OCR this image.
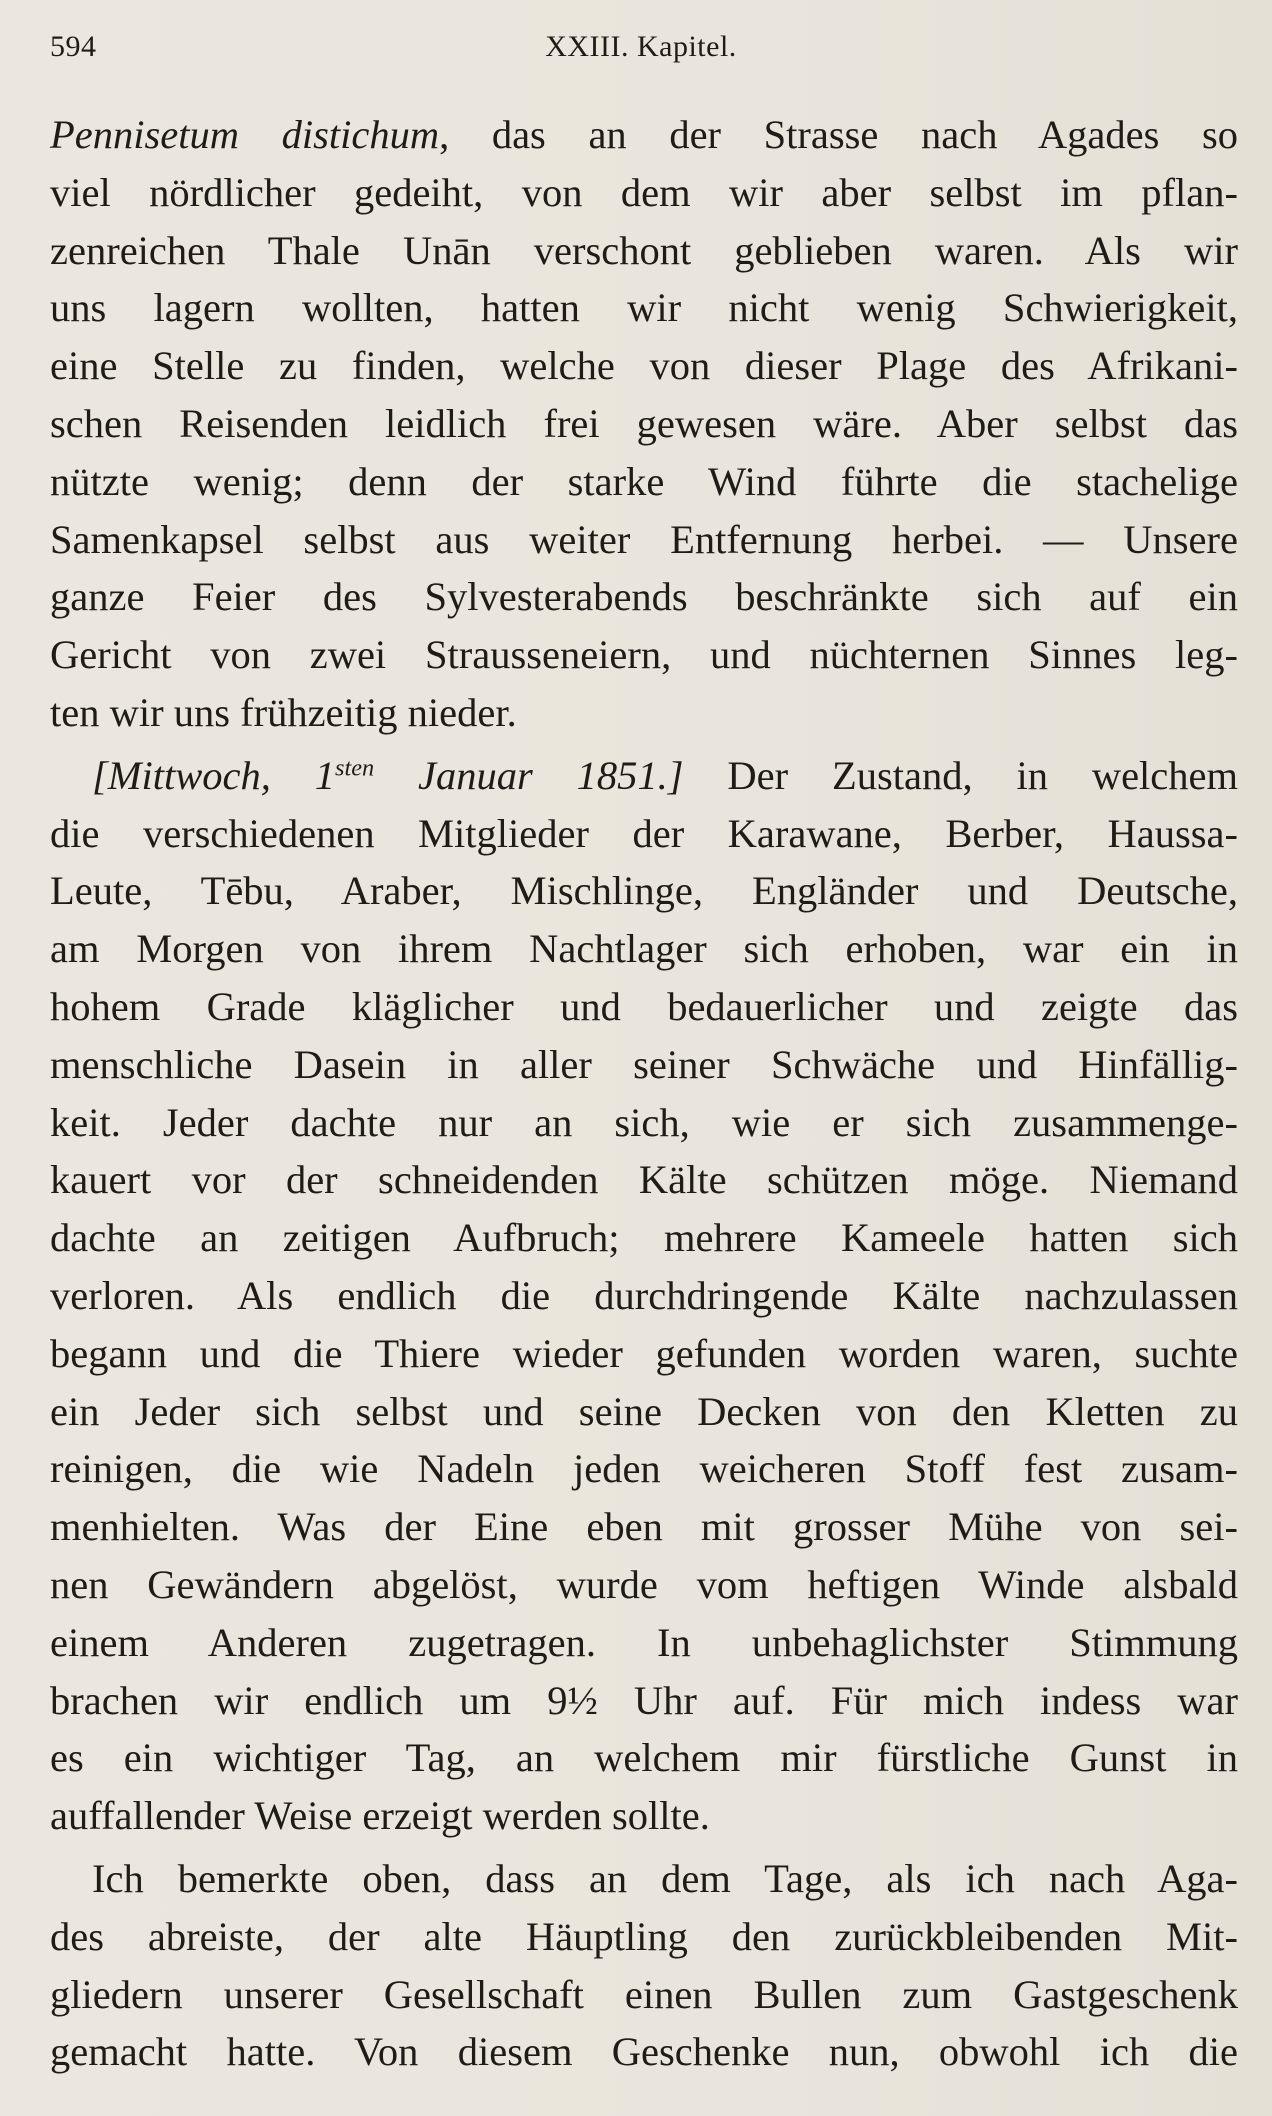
594	XXIII. Kapitel.
Pennisetum distichum, das an der Strasse nach Agades so
viel nördlicher gedeiht, von dem wir aber selbst im pflan-
zenreichen Thale Unān verschont geblieben waren. Als wir
uns lagern wollten, hatten wir nicht wenig Schwierigkeit,
eine Stelle zu finden, welche von dieser Plage des Afrikani-
schen Reisenden leidlich frei gewesen wäre. Aber selbst das
nützte wenig; denn der starke Wind führte die stachelige
Samenkapsel selbst aus weiter Entfernung herbei. — Unsere
ganze Feier des Sylvesterabends beschränkte sich auf ein
Gericht von zwei Straussenеiern, und nüchternen Sinnes leg-
ten wir uns frühzeitig nieder.
[Mittwoch, $1^{sten}$ Januar 1851.] Der Zustand, in welchem
die verschiedenen Mitglieder der Karawane, Berber, Haussa-
Leute, Tēbu, Araber, Mischlinge, Engländer und Deutsche,
am Morgen von ihrem Nachtlager sich erhoben, war ein in
hohem Grade kläglicher und bedauerlicher und zeigte das
menschliche Dasein in aller seiner Schwäche und Hinfällig-
keit. Jeder dachte nur an sich, wie er sich zusammenge-
kauert vor der schneidenden Kälte schützen möge. Niemand
dachte an zeitigen Aufbruch; mehrere Kameele hatten sich
verloren. Als endlich die durchdringende Kälte nachzulassen
begann und die Thiere wieder gefunden worden waren, suchte
ein Jeder sich selbst und seine Decken von den Kletten zu
reinigen, die wie Nadeln jeden weicheren Stoff fest zusam-
menhielten. Was der Eine eben mit grosser Mühe von sei-
nen Gewändern abgelöst, wurde vom heftigen Winde alsbald
einem Anderen zugetragen. In unbehaglichster Stimmung
brachen wir endlich um 9½ Uhr auf. Für mich indess war
es ein wichtiger Tag, an welchem mir fürstliche Gunst in
auffallender Weise erzeigt werden sollte.
Ich bemerkte oben, dass an dem Tage, als ich nach Aga-
des abreiste, der alte Häuptling den zurückbleibenden Mit-
gliedern unserer Gesellschaft einen Bullen zum Gastgeschenk
gemacht hatte. Von diesem Geschenke nun, obwohl ich die
